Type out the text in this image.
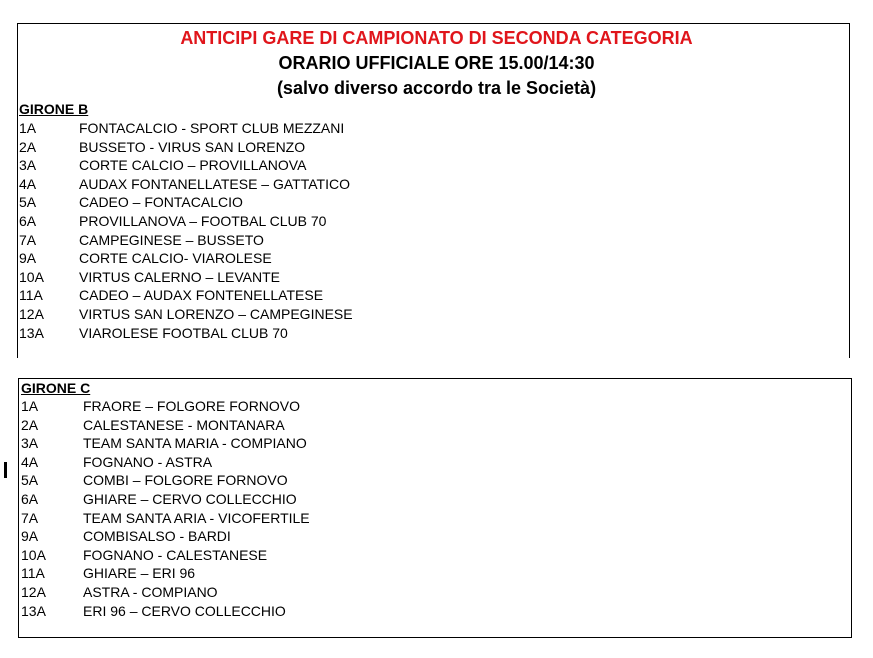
ANTICIPI GARE DI CAMPIONATO DI SECONDA CATEGORIA
ORARIO UFFICIALE ORE 15.00/14:30
(salvo diverso accordo tra le Società)
GIRONE B
1A	FONTACALCIO - SPORT CLUB MEZZANI
2A	BUSSETO - VIRUS SAN LORENZO
3A	CORTE CALCIO – PROVILLANOVA
4A	AUDAX FONTANELLATESE – GATTATICO
5A	CADEO – FONTACALCIO
6A	PROVILLANOVA – FOOTBAL CLUB 70
7A	CAMPEGINESE – BUSSETO
9A	CORTE CALCIO- VIAROLESE
10A	VIRTUS CALERNO – LEVANTE
11A	CADEO – AUDAX FONTENELLATESE
12A	VIRTUS SAN LORENZO – CAMPEGINESE
13A	VIAROLESE FOOTBAL CLUB 70
GIRONE C
1A	FRAORE – FOLGORE FORNOVO
2A	CALESTANESE - MONTANARA
3A	TEAM SANTA MARIA - COMPIANO
4A	FOGNANO - ASTRA
5A	COMBI – FOLGORE FORNOVO
6A	GHIARE – CERVO COLLECCHIO
7A	TEAM SANTA ARIA - VICOFERTILE
9A	COMBISALSO - BARDI
10A	FOGNANO - CALESTANESE
11A	GHIARE – ERI 96
12A	ASTRA - COMPIANO
13A	ERI 96 – CERVO COLLECCHIO
